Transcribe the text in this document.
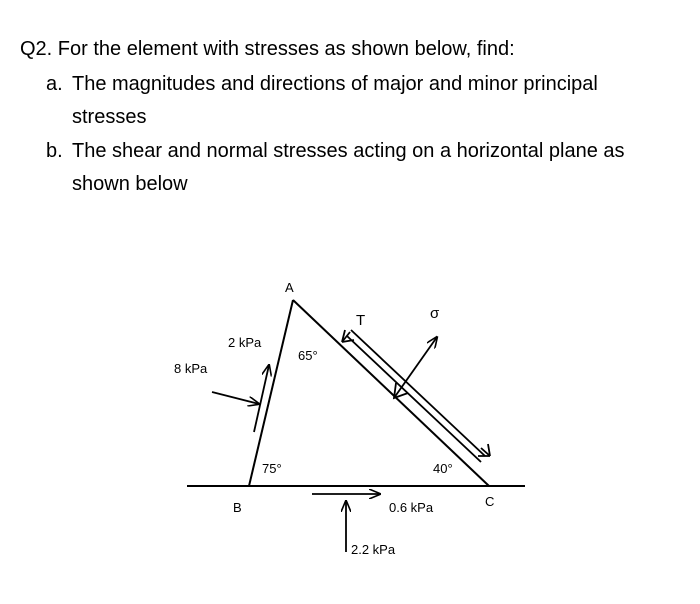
Q2. For the element with stresses as shown below, find:
a. The magnitudes and directions of major and minor principal
stresses
b. The shear and normal stresses acting on a horizontal plane as
shown below
A
B	C
65°
75°	40°
8 kPa
2 kPa
0.6 kPa
2.2 kPa
T	σ
